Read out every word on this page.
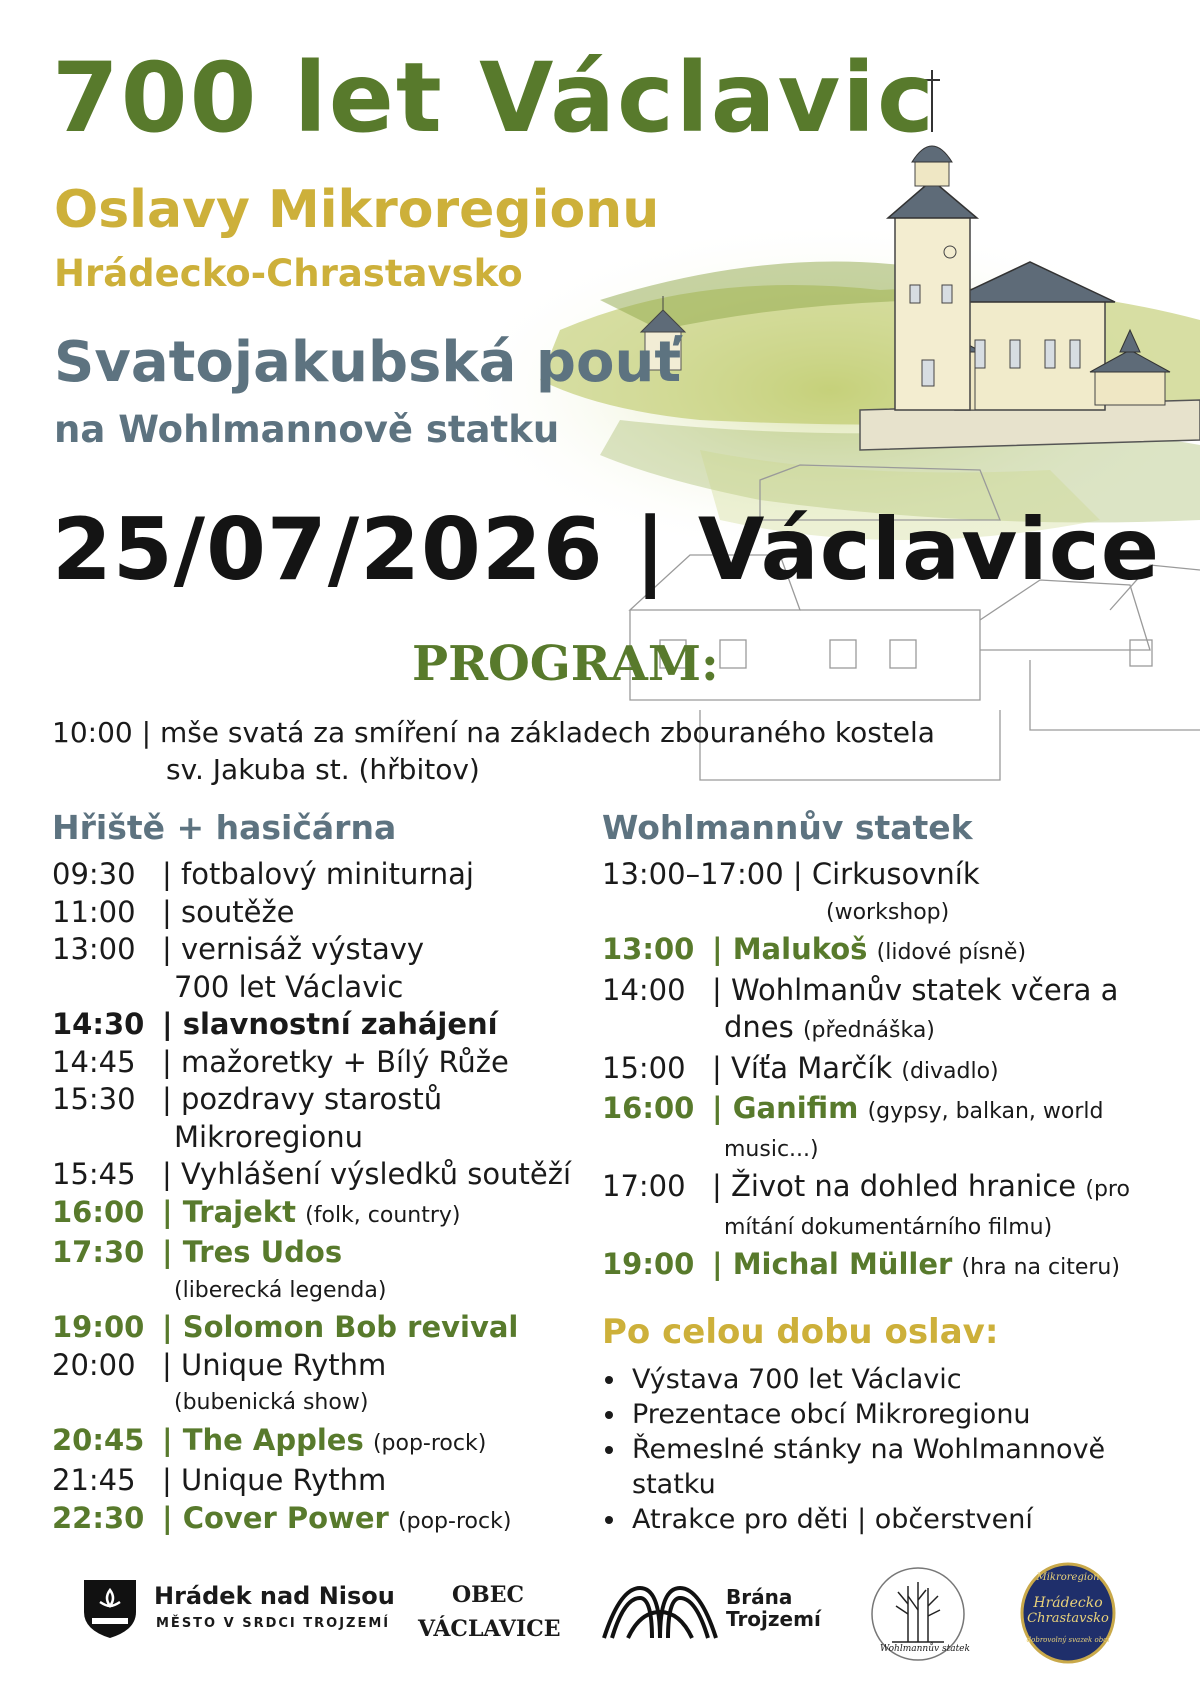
700 let Václavic
Oslavy Mikroregionu
Hrádecko-Chrastavsko
Svatojakubská pouť
na Wohlmannově statku
25/07/2026 | Václavice
PROGRAM:
10:00 | mše svatá za smíření na základech zbouraného kostela
sv. Jakuba st. (hřbitov)
Hřiště + hasičárna
09:30 | fotbalový miniturnaj
11:00 | soutěže
13:00 | vernisáž výstavy
700 let Václavic
14:30 | slavnostní zahájení
14:45 | mažoretky + Bílý Růže
15:30 | pozdravy starostů
Mikroregionu
15:45 | Vyhlášení výsledků soutěží
16:00 | Trajekt (folk, country)
17:30 | Tres Udos
(liberecká legenda)
19:00 | Solomon Bob revival
20:00 | Unique Rythm
(bubenická show)
20:45 | The Apples (pop-rock)
21:45 | Unique Rythm
22:30 | Cover Power (pop-rock)
Wohlmannův statek
13:00–17:00 | Cirkusovník
(workshop)
13:00 | Malukoš (lidové písně)
14:00 | Wohlmanův statek včera a
dnes (přednáška)
15:00 | Víťa Marčík (divadlo)
16:00 | Ganifim (gypsy, balkan, world
music...)
17:00 | Život na dohled hranice (pro
mítání dokumentárního filmu)
19:00 | Michal Müller (hra na citeru)
Po celou dobu oslav:
• Výstava 700 let Václavic
• Prezentace obcí Mikroregionu
• Řemeslné stánky na Wohlmannově
statku
• Atrakce pro děti | občerstvení
Hrádek nad Nisou
MĚSTO V SRDCI TROJZEMÍ
OBEC
VÁCLAVICE
Brána
Trojzemí
Wohlmannův statek
Mikroregion
Hrádecko
Chrastavsko
dobrovolný svazek obcí
